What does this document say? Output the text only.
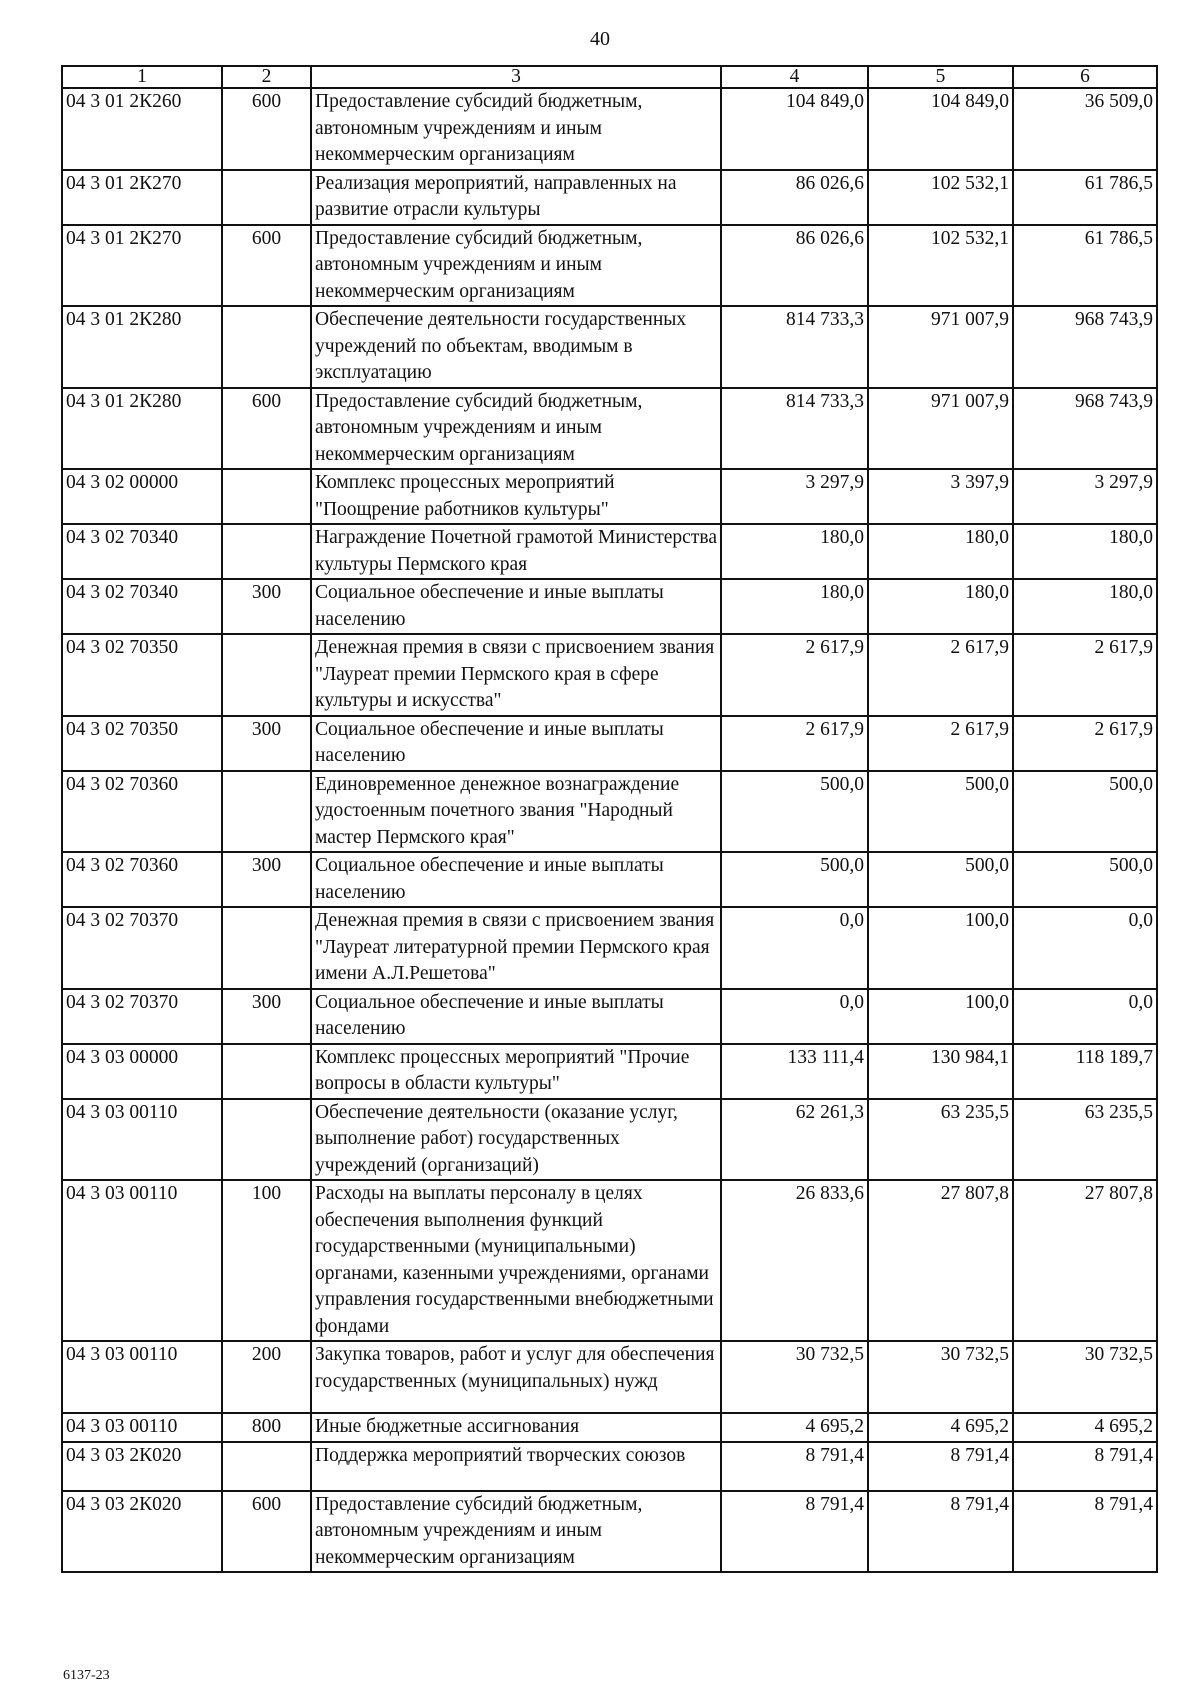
40
1	2	3	4	5	6
04 3 01 2К260	600	Предоставление субсидий бюджетным, автономным учреждениям и иным некоммерческим организациям	104 849,0	104 849,0	36 509,0
04 3 01 2К270		Реализация мероприятий, направленных на развитие отрасли культуры	86 026,6	102 532,1	61 786,5
04 3 01 2К270	600	Предоставление субсидий бюджетным, автономным учреждениям и иным некоммерческим организациям	86 026,6	102 532,1	61 786,5
04 3 01 2К280		Обеспечение деятельности государственных учреждений по объектам, вводимым в эксплуатацию	814 733,3	971 007,9	968 743,9
04 3 01 2К280	600	Предоставление субсидий бюджетным, автономным учреждениям и иным некоммерческим организациям	814 733,3	971 007,9	968 743,9
04 3 02 00000		Комплекс процессных мероприятий "Поощрение работников культуры"	3 297,9	3 397,9	3 297,9
04 3 02 70340		Награждение Почетной грамотой Министерства культуры Пермского края	180,0	180,0	180,0
04 3 02 70340	300	Социальное обеспечение и иные выплаты населению	180,0	180,0	180,0
04 3 02 70350		Денежная премия в связи с присвоением звания "Лауреат премии Пермского края в сфере культуры и искусства"	2 617,9	2 617,9	2 617,9
04 3 02 70350	300	Социальное обеспечение и иные выплаты населению	2 617,9	2 617,9	2 617,9
04 3 02 70360		Единовременное денежное вознаграждение удостоенным почетного звания "Народный мастер Пермского края"	500,0	500,0	500,0
04 3 02 70360	300	Социальное обеспечение и иные выплаты населению	500,0	500,0	500,0
04 3 02 70370		Денежная премия в связи с присвоением звания "Лауреат литературной премии Пермского края имени А.Л.Решетова"	0,0	100,0	0,0
04 3 02 70370	300	Социальное обеспечение и иные выплаты населению	0,0	100,0	0,0
04 3 03 00000		Комплекс процессных мероприятий "Прочие вопросы в области культуры"	133 111,4	130 984,1	118 189,7
04 3 03 00110		Обеспечение деятельности (оказание услуг, выполнение работ) государственных учреждений (организаций)	62 261,3	63 235,5	63 235,5
04 3 03 00110	100	Расходы на выплаты персоналу в целях обеспечения выполнения функций государственными (муниципальными) органами, казенными учреждениями, органами управления государственными внебюджетными фондами	26 833,6	27 807,8	27 807,8
04 3 03 00110	200	Закупка товаров, работ и услуг для обеспечения государственных (муниципальных) нужд	30 732,5	30 732,5	30 732,5
04 3 03 00110	800	Иные бюджетные ассигнования	4 695,2	4 695,2	4 695,2
04 3 03 2К020		Поддержка мероприятий творческих союзов	8 791,4	8 791,4	8 791,4
04 3 03 2К020	600	Предоставление субсидий бюджетным, автономным учреждениям и иным некоммерческим организациям	8 791,4	8 791,4	8 791,4
6137-23
